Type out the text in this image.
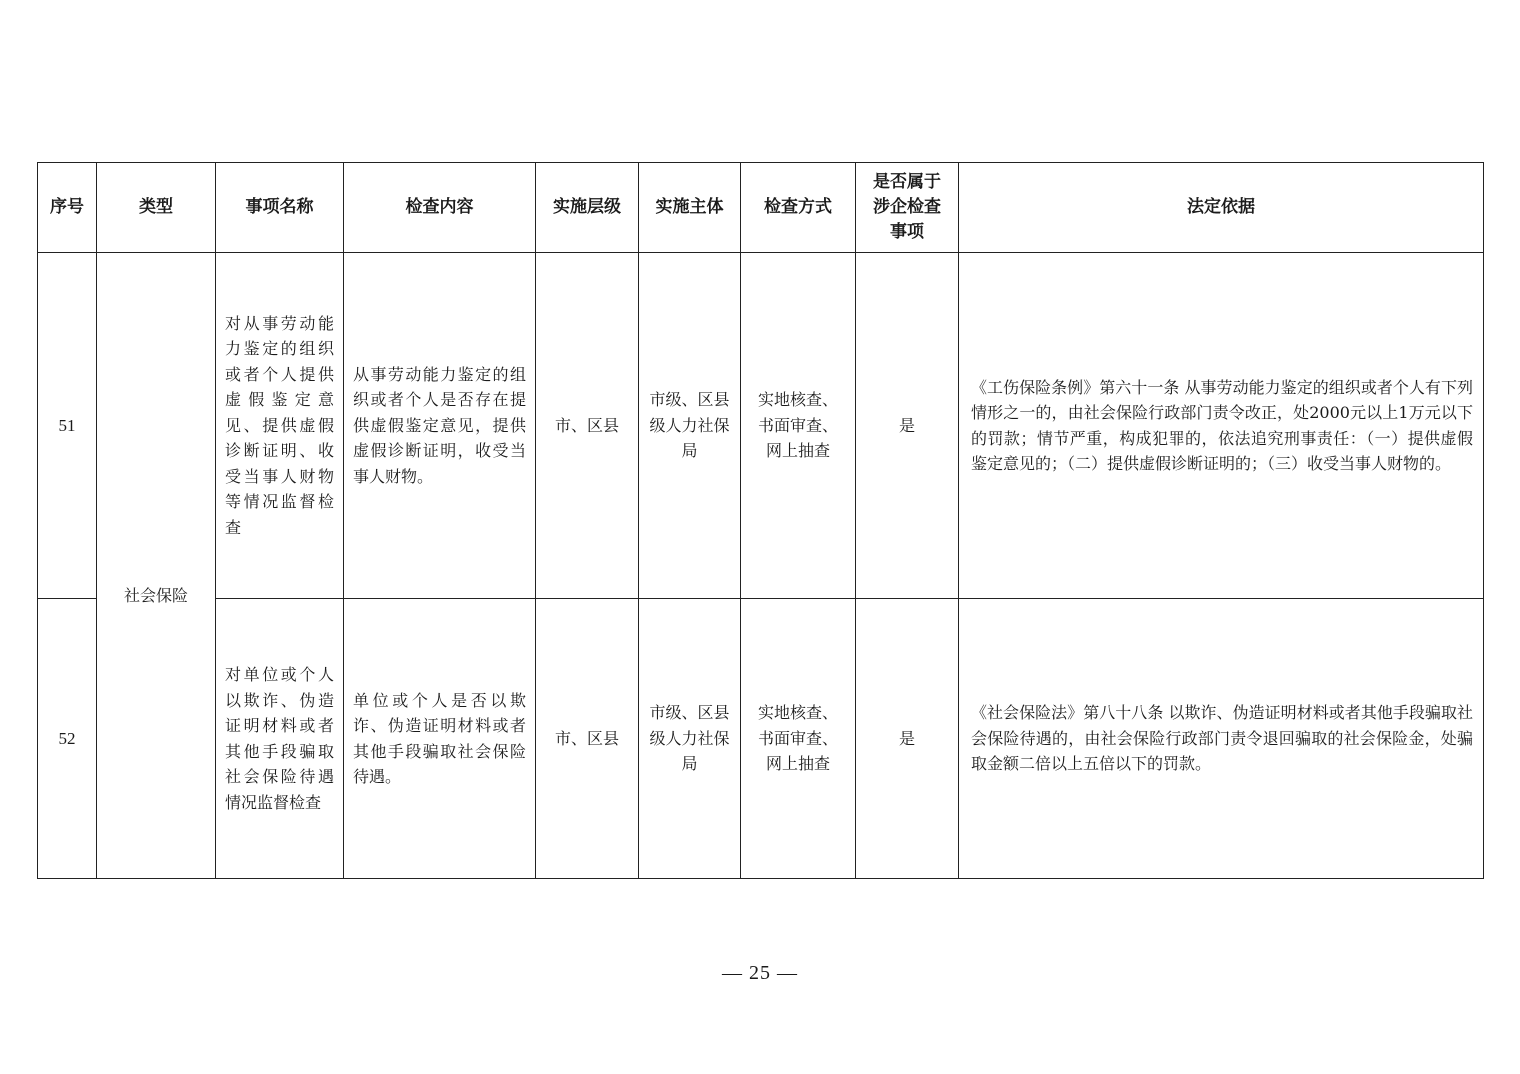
序号	类型	事项名称	检查内容	实施层级	实施主体	检查方式	是否属于涉企检查事项	法定依据
51	社会保险	对从事劳动能力鉴定的组织或者个人提供虚假鉴定意见、提供虚假诊断证明、收受当事人财物等情况监督检查	从事劳动能力鉴定的组织或者个人是否存在提供虚假鉴定意见，提供虚假诊断证明，收受当事人财物。	市、区县	市级、区县级人力社保局	实地核查、书面审查、网上抽查	是	《工伤保险条例》第六十一条 从事劳动能力鉴定的组织或者个人有下列情形之一的，由社会保险行政部门责令改正，处2000元以上1万元以下的罚款；情节严重，构成犯罪的，依法追究刑事责任：（一）提供虚假鉴定意见的；（二）提供虚假诊断证明的；（三）收受当事人财物的。

52		对单位或个人以欺诈、伪造证明材料或者其他手段骗取社会保险待遇情况监督检查	单位或个人是否以欺诈、伪造证明材料或者其他手段骗取社会保险待遇。	市、区县	市级、区县级人力社保局	实地核查、书面审查、网上抽查	是	《社会保险法》第八十八条 以欺诈、伪造证明材料或者其他手段骗取社会保险待遇的，由社会保险行政部门责令退回骗取的社会保险金，处骗取金额二倍以上五倍以下的罚款。
— 25 —
